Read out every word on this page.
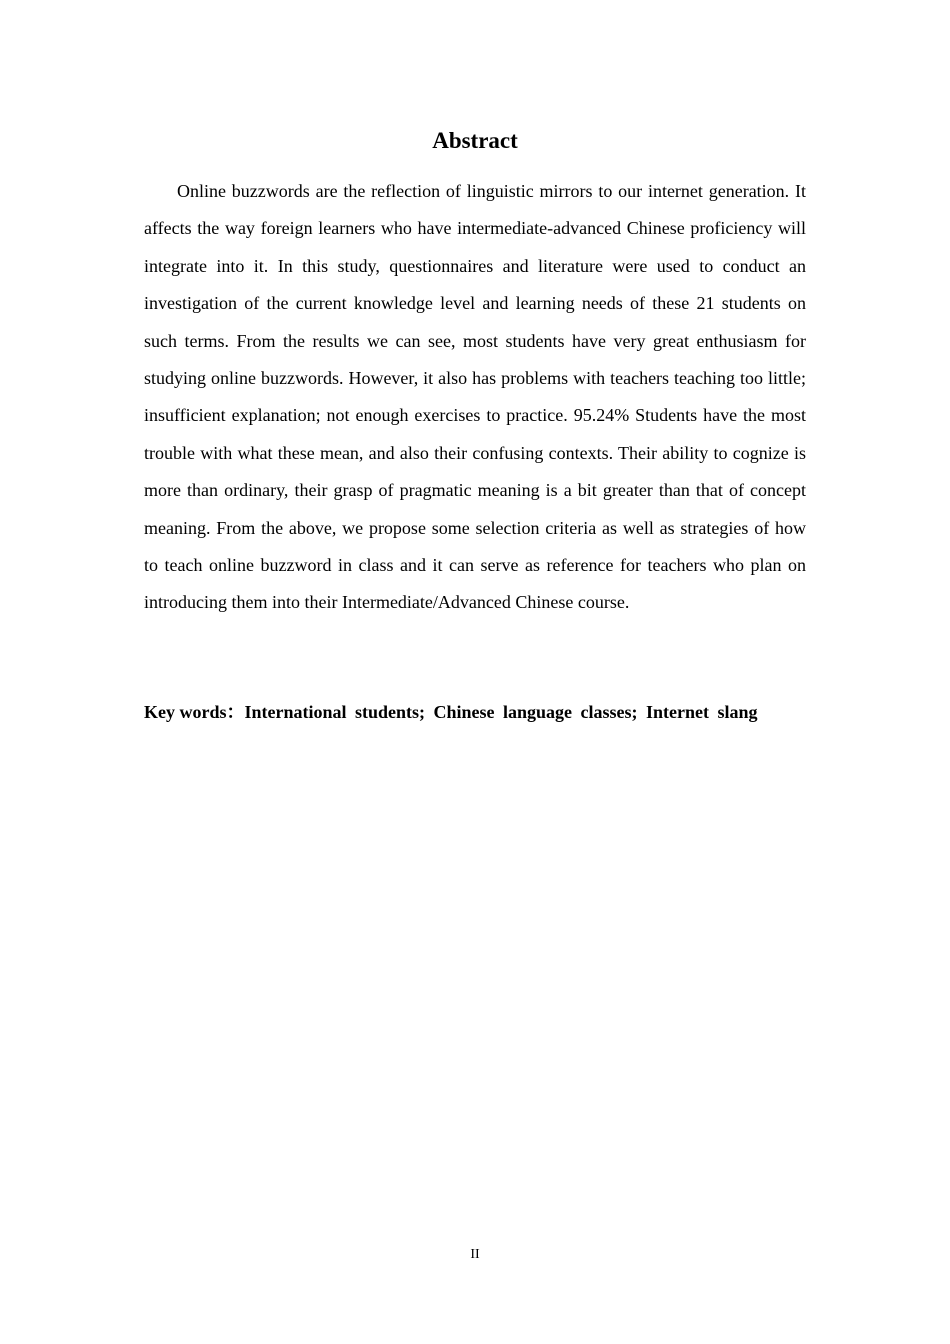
Abstract

Online buzzwords are the reflection of linguistic mirrors to our internet generation. It affects the way foreign learners who have intermediate-advanced Chinese proficiency will integrate into it. In this study, questionnaires and literature were used to conduct an investigation of the current knowledge level and learning needs of these 21 students on such terms. From the results we can see, most students have very great enthusiasm for studying online buzzwords. However, it also has problems with teachers teaching too little; insufficient explanation; not enough exercises to practice. 95.24% Students have the most trouble with what these mean, and also their confusing contexts. Their ability to cognize is more than ordinary, their grasp of pragmatic meaning is a bit greater than that of concept meaning. From the above, we propose some selection criteria as well as strategies of how to teach online buzzword in class and it can serve as reference for teachers who plan on introducing them into their Intermediate/Advanced Chinese course.

Key words：International students; Chinese language classes; Internet slang

II
